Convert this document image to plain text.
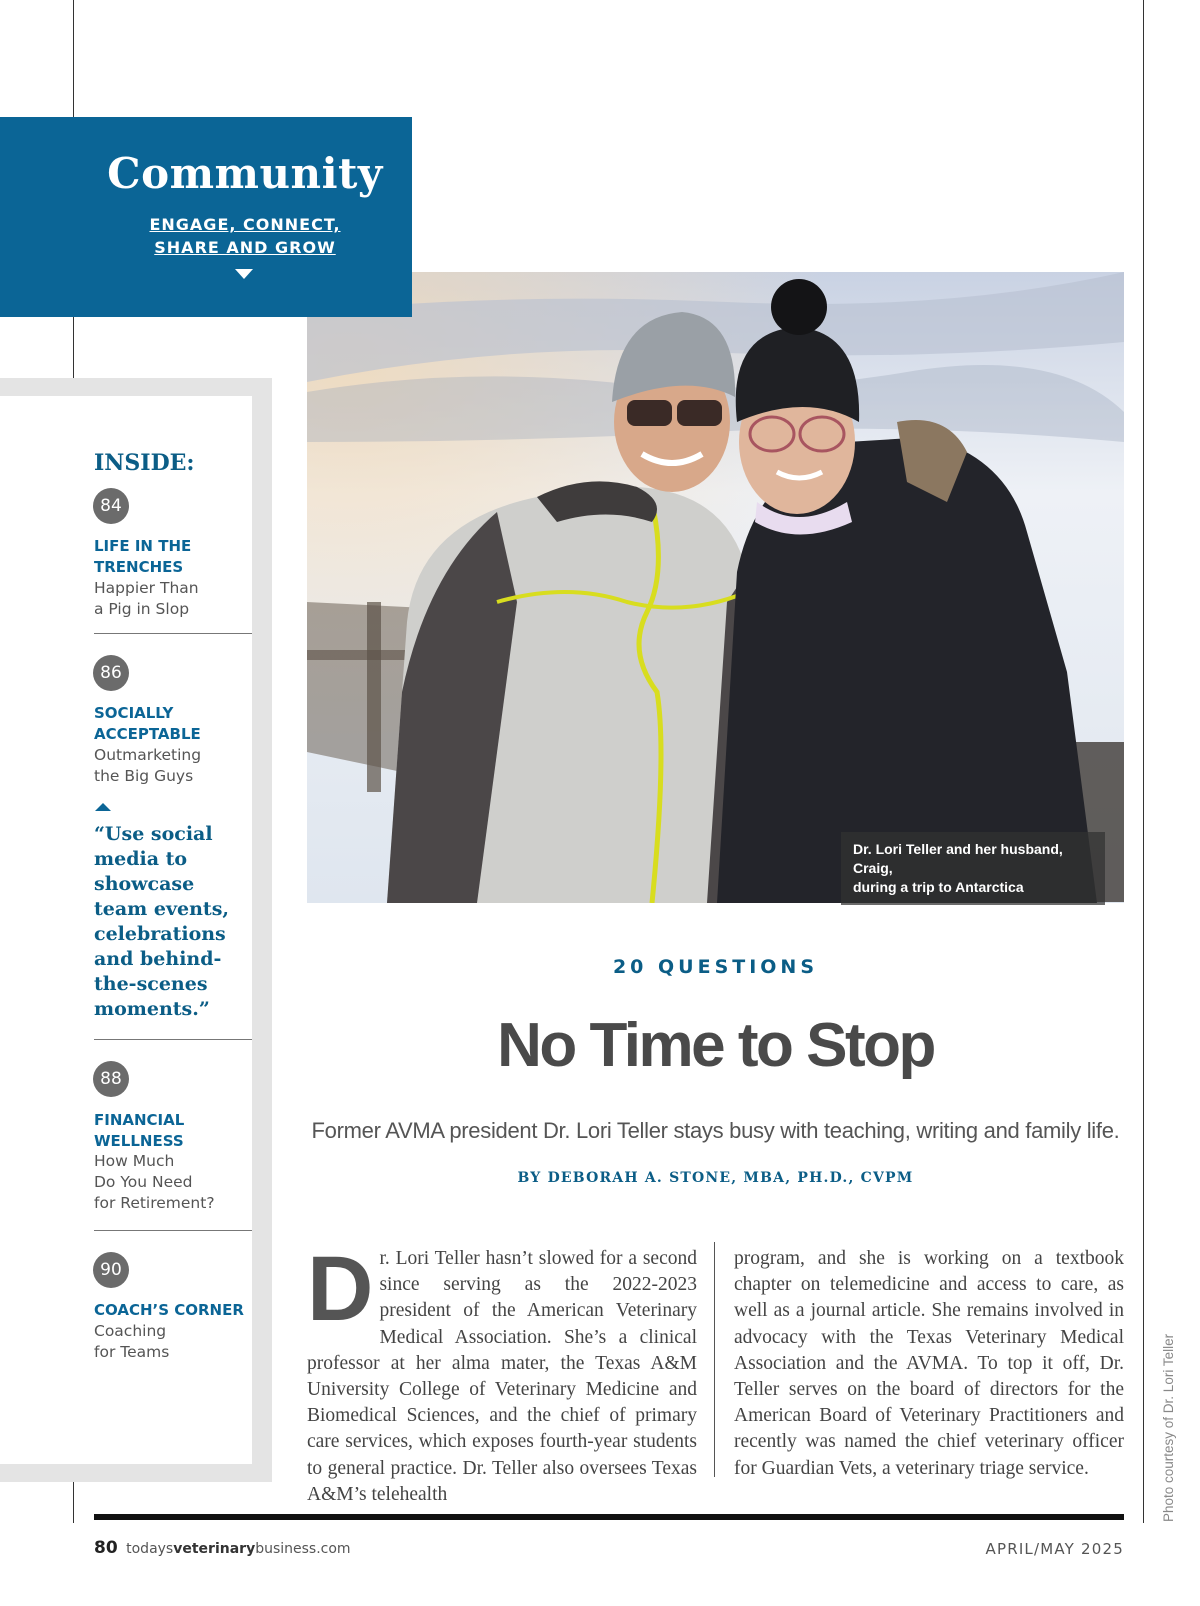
Dr. Lori Teller and her husband, Craig,
during a trip to Antarctica
Community
ENGAGE, CONNECT,
SHARE AND GROW
INSIDE:
84
LIFE IN THE
TRENCHES
Happier Than
a Pig in Slop
86
SOCIALLY
ACCEPTABLE
Outmarketing
the Big Guys
“Use social media to showcase team events, celebrations and behind-the-scenes moments.”
88
FINANCIAL
WELLNESS
How Much
Do You Need
for Retirement?
90
COACH’S CORNER
Coaching
for Teams
20 QUESTIONS
No Time to Stop
Former AVMA president Dr. Lori Teller stays busy with teaching, writing and family life.
BY DEBORAH A. STONE, MBA, PH.D., CVPM
Dr. Lori Teller hasn’t slowed for a second since serving as the 2022-2023 president of the American Veterinary Medical Association. She’s a clinical professor at her alma mater, the Texas A&M University College of Veterinary Medicine and Biomedical Sciences, and the chief of primary care services, which exposes fourth-year students to general practice. Dr. Teller also oversees Texas A&M’s telehealth
program, and she is working on a textbook chapter on telemedicine and access to care, as well as a journal article. She remains involved in advocacy with the Texas Veterinary Medical Association and the AVMA. To top it off, Dr. Teller serves on the board of directors for the American Board of Veterinary Practitioners and recently was named the chief veterinary officer for Guardian Vets, a veterinary triage service.	Photo courtesy of Dr. Lori Teller
80 todaysveterinarybusiness.com	APRIL/MAY 2025
